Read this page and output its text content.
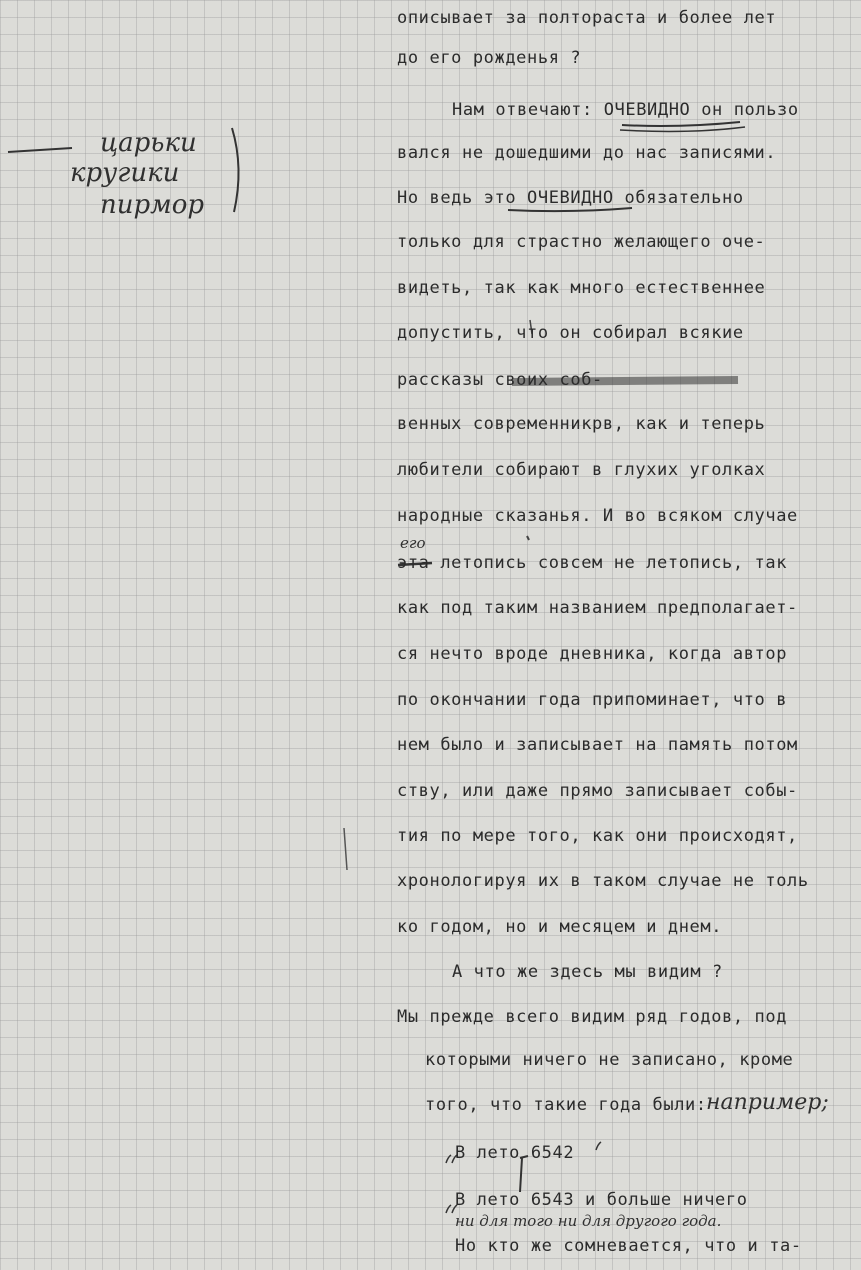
описывает за полтораста и более лет
до его рожденья ?
Нам отвечают: ОЧЕВИДНО он пользо
вался не дошедшими до нас записями.
Но ведь это ОЧЕВИДНО обязательно
только для страстно желающего оче-
видеть, так как много естественнее
допустить, что он собирал всякие
рассказы своих соб-
венных современникрв, как и теперь
любители собирают в глухих уголках
народные сказанья. И во всяком случае
эта летопись совсем не летопись, так
как под таким названием предполагает-
ся нечто вроде дневника, когда автор
по окончании года припоминает, что в
нем было и записывает на память потом
ству, или даже прямо записывает собы-
тия по мере того, как они происходят,
хронологируя их в таком случае не толь
ко годом, но и месяцем и днем.
А что же здесь мы видим ?
Мы прежде всего видим ряд годов, под
которыми ничего не записано, кроме
того, что такие года были:
В лето 6542
В лето 6543 и больше ничего
Но кто же сомневается, что и та-
царьки
кругики
пирмор
его
например;
ни для того ни для другого года.
